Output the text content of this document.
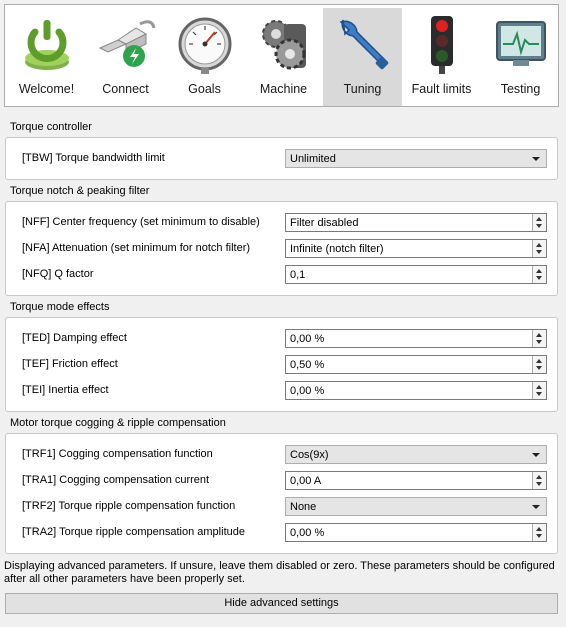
Welcome!	Connect	Goals	Machine	Tuning	Fault limits	Testing
Torque controller
[TBW] Torque bandwidth limit	Unlimited
Torque notch & peaking filter
[NFF] Center frequency (set minimum to disable)	Filter disabled
[NFA] Attenuation (set minimum for notch filter)	Infinite (notch filter)
[NFQ] Q factor	0,1
Torque mode effects
[TED] Damping effect	0,00 %
[TEF] Friction effect	0,50 %
[TEI] Inertia effect	0,00 %
Motor torque cogging & ripple compensation
[TRF1] Cogging compensation function	Cos(9x)
[TRA1] Cogging compensation current	0,00 A
[TRF2] Torque ripple compensation function	None
[TRA2] Torque ripple compensation amplitude	0,00 %
Displaying advanced parameters. If unsure, leave them disabled or zero. These parameters should be configured after all other parameters have been properly set.
Hide advanced settings
